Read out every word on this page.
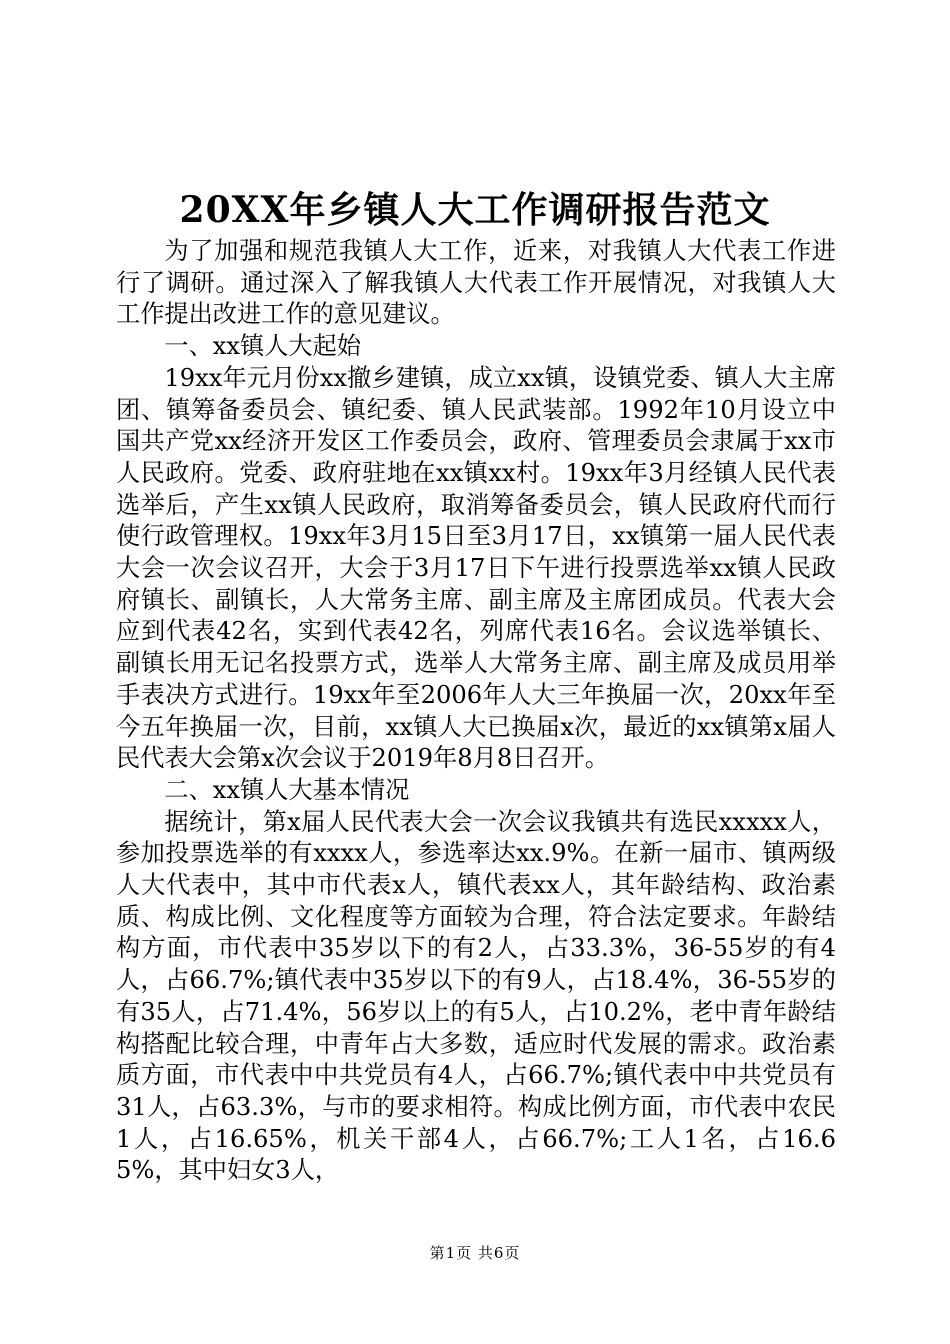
20XX年乡镇人大工作调研报告范文

为了加强和规范我镇人大工作，近来，对我镇人大代表工作进行了调研。通过深入了解我镇人大代表工作开展情况，对我镇人大工作提出改进工作的意见建议。

一、xx镇人大起始

19xx年元月份xx撤乡建镇，成立xx镇，设镇党委、镇人大主席团、镇筹备委员会、镇纪委、镇人民武装部。1992年10月设立中国共产党xx经济开发区工作委员会，政府、管理委员会隶属于xx市人民政府。党委、政府驻地在xx镇xx村。19xx年3月经镇人民代表选举后，产生xx镇人民政府，取消筹备委员会，镇人民政府代而行使行政管理权。19xx年3月15日至3月17日，xx镇第一届人民代表大会一次会议召开，大会于3月17日下午进行投票选举xx镇人民政府镇长、副镇长，人大常务主席、副主席及主席团成员。代表大会应到代表42名，实到代表42名，列席代表16名。会议选举镇长、副镇长用无记名投票方式，选举人大常务主席、副主席及成员用举手表决方式进行。19xx年至2006年人大三年换届一次，20xx年至今五年换届一次，目前，xx镇人大已换届x次，最近的xx镇第x届人民代表大会第x次会议于2019年8月8日召开。

二、xx镇人大基本情况

据统计，第x届人民代表大会一次会议我镇共有选民xxxxx人，参加投票选举的有xxxx人，参选率达xx.9%。在新一届市、镇两级人大代表中，其中市代表x人，镇代表xx人，其年龄结构、政治素质、构成比例、文化程度等方面较为合理，符合法定要求。年龄结构方面，市代表中35岁以下的有2人，占33.3%，36-55岁的有4人，占66.7%;镇代表中35岁以下的有9人，占18.4%，36-55岁的有35人，占71.4%，56岁以上的有5人，占10.2%，老中青年龄结构搭配比较合理，中青年占大多数，适应时代发展的需求。政治素质方面，市代表中中共党员有4人，占66.7%;镇代表中中共党员有31人，占63.3%，与市的要求相符。构成比例方面，市代表中农民1人，占16.65%，机关干部4人，占66.7%;工人1名，占16.65%，其中妇女3人，

第1页 共6页
